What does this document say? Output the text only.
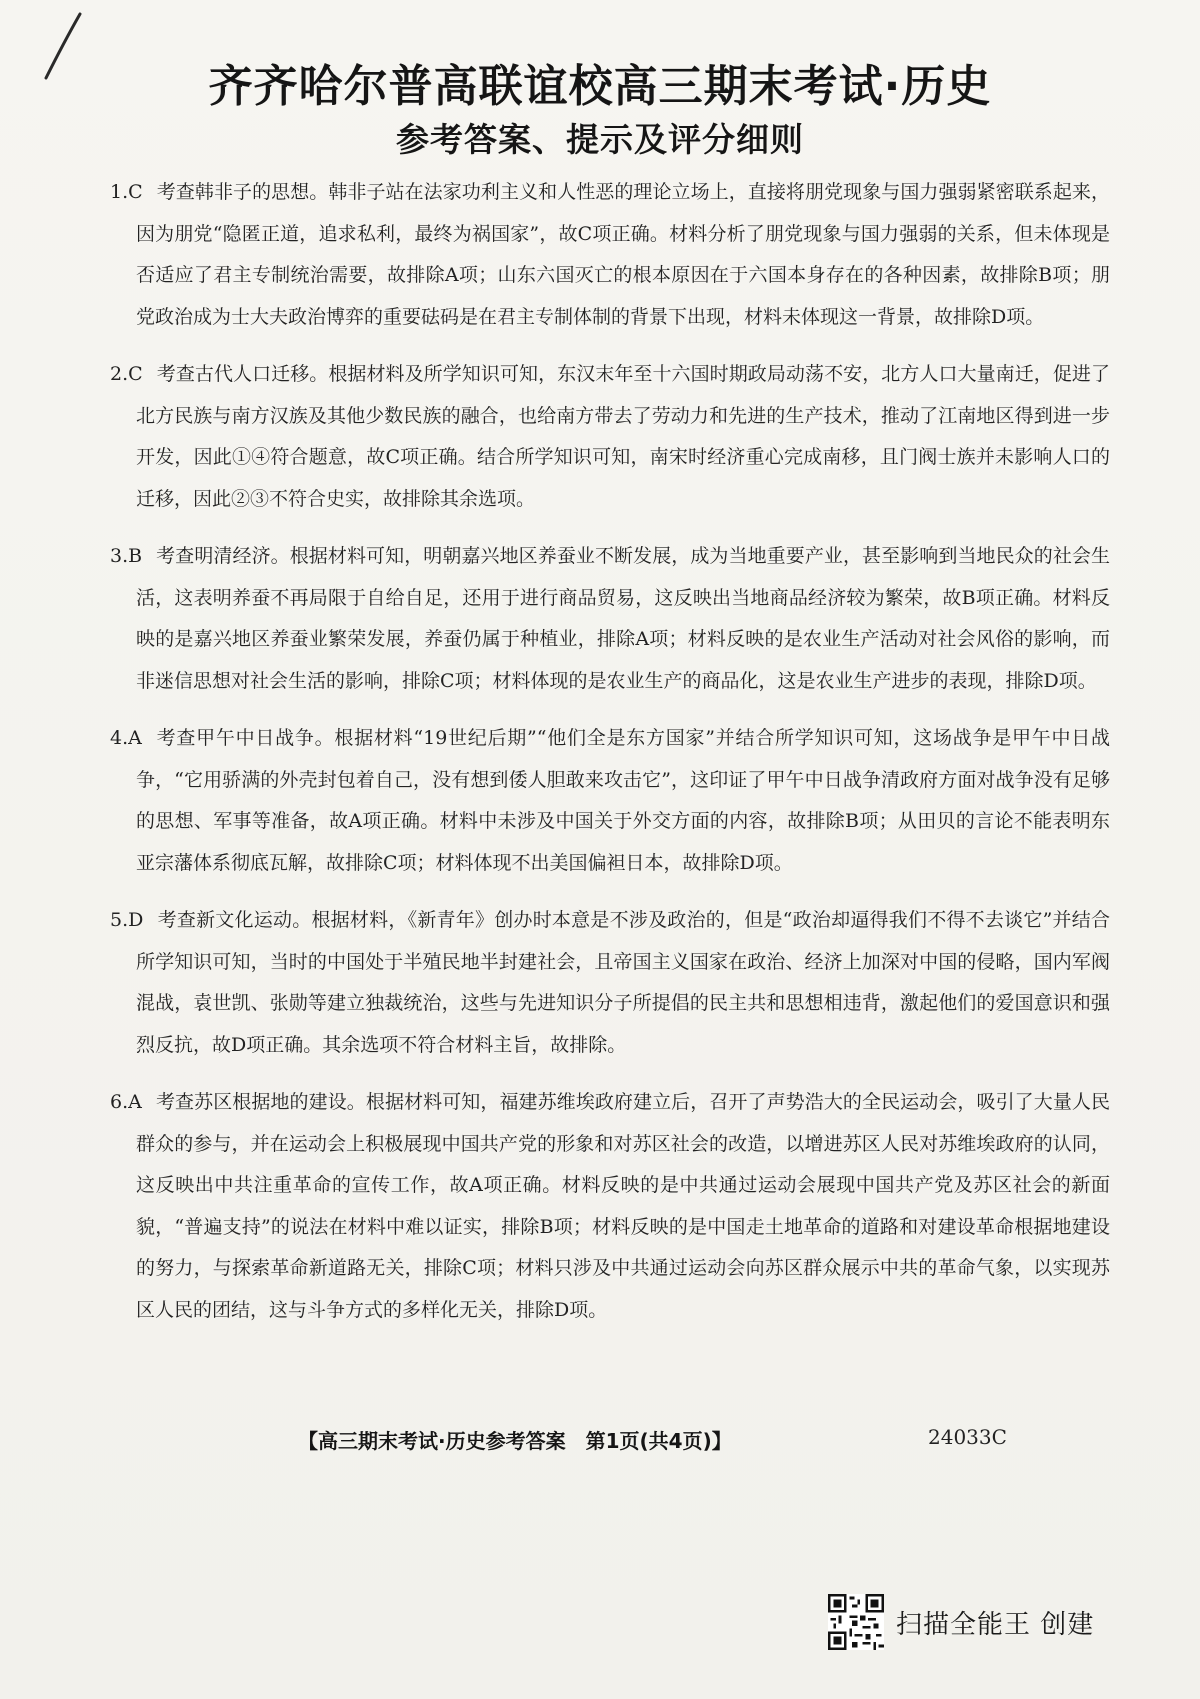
齐齐哈尔普高联谊校高三期末考试·历史
参考答案、提示及评分细则

1.C 考查韩非子的思想。韩非子站在法家功利主义和人性恶的理论立场上，直接将朋党现象与国力强弱紧密联系起来，因为朋党“隐匿正道，追求私利，最终为祸国家”，故C项正确。材料分析了朋党现象与国力强弱的关系，但未体现是否适应了君主专制统治需要，故排除A项；山东六国灭亡的根本原因在于六国本身存在的各种因素，故排除B项；朋党政治成为士大夫政治博弈的重要砝码是在君主专制体制的背景下出现，材料未体现这一背景，故排除D项。

2.C 考查古代人口迁移。根据材料及所学知识可知，东汉末年至十六国时期政局动荡不安，北方人口大量南迁，促进了北方民族与南方汉族及其他少数民族的融合，也给南方带去了劳动力和先进的生产技术，推动了江南地区得到进一步开发，因此①④符合题意，故C项正确。结合所学知识可知，南宋时经济重心完成南移，且门阀士族并未影响人口的迁移，因此②③不符合史实，故排除其余选项。

3.B 考查明清经济。根据材料可知，明朝嘉兴地区养蚕业不断发展，成为当地重要产业，甚至影响到当地民众的社会生活，这表明养蚕不再局限于自给自足，还用于进行商品贸易，这反映出当地商品经济较为繁荣，故B项正确。材料反映的是嘉兴地区养蚕业繁荣发展，养蚕仍属于种植业，排除A项；材料反映的是农业生产活动对社会风俗的影响，而非迷信思想对社会生活的影响，排除C项；材料体现的是农业生产的商品化，这是农业生产进步的表现，排除D项。

4.A 考查甲午中日战争。根据材料“19世纪后期”“他们全是东方国家”并结合所学知识可知，这场战争是甲午中日战争，“它用骄满的外壳封包着自己，没有想到倭人胆敢来攻击它”，这印证了甲午中日战争清政府方面对战争没有足够的思想、军事等准备，故A项正确。材料中未涉及中国关于外交方面的内容，故排除B项；从田贝的言论不能表明东亚宗藩体系彻底瓦解，故排除C项；材料体现不出美国偏袒日本，故排除D项。

5.D 考查新文化运动。根据材料，《新青年》创办时本意是不涉及政治的，但是“政治却逼得我们不得不去谈它”并结合所学知识可知，当时的中国处于半殖民地半封建社会，且帝国主义国家在政治、经济上加深对中国的侵略，国内军阀混战，袁世凯、张勋等建立独裁统治，这些与先进知识分子所提倡的民主共和思想相违背，激起他们的爱国意识和强烈反抗，故D项正确。其余选项不符合材料主旨，故排除。

6.A 考查苏区根据地的建设。根据材料可知，福建苏维埃政府建立后，召开了声势浩大的全民运动会，吸引了大量人民群众的参与，并在运动会上积极展现中国共产党的形象和对苏区社会的改造，以增进苏区人民对苏维埃政府的认同，这反映出中共注重革命的宣传工作，故A项正确。材料反映的是中共通过运动会展现中国共产党及苏区社会的新面貌，“普遍支持”的说法在材料中难以证实，排除B项；材料反映的是中国走土地革命的道路和对建设革命根据地建设的努力，与探索革命新道路无关，排除C项；材料只涉及中共通过运动会向苏区群众展示中共的革命气象，以实现苏区人民的团结，这与斗争方式的多样化无关，排除D项。

【高三期末考试·历史参考答案　第1页(共4页)】	24033C
扫描全能王 创建
